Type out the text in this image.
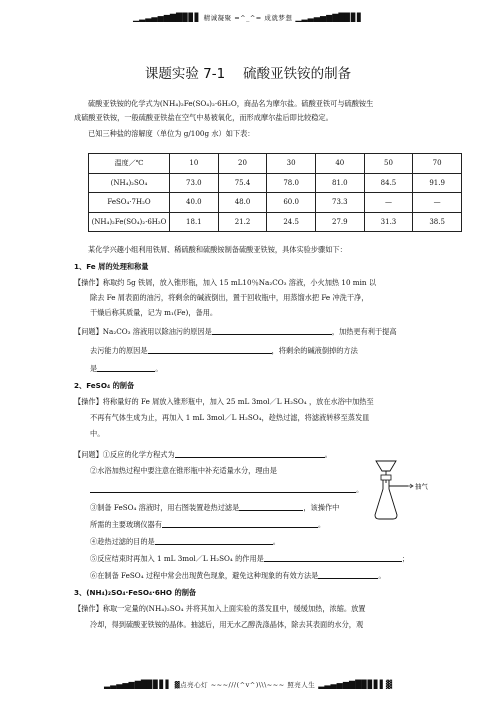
▁▂▃▄▅▆▇█▉▊▋ 精诚凝聚 =^_^= 成就梦想 ▁▂▃▄▅▆▇█▉▊▋
课题实验 7-1 硫酸亚铁铵的制备
硫酸亚铁铵的化学式为(NH₄)₂Fe(SO₄)₂·6H₂O，商品名为摩尔盐。硫酸亚铁可与硫酸铵生
成硫酸亚铁铵，一般硫酸亚铁盐在空气中易被氧化，而形成摩尔盐后即比较稳定。
已知三种盐的溶解度（单位为 g/100g 水）如下表：
温度／℃	10	20	30	40	50	70
(NH₄)₂SO₄	73.0	75.4	78.0	81.0	84.5	91.9
FeSO₄·7H₂O	40.0	48.0	60.0	73.3	—	—
(NH₄)₂Fe(SO₄)₂·6H₂O	18.1	21.2	24.5	27.9	31.3	38.5
某化学兴趣小组利用铁屑、稀硫酸和硫酸铵制备硫酸亚铁铵，具体实验步骤如下：
1、Fe 屑的处理和称量
【操作】称取约 5g 铁屑，放入锥形瓶，加入 15 mL10％Na₂CO₃ 溶液，小火加热 10 min 以
除去 Fe 屑表面的油污，将剩余的碱液倒出，置于回收瓶中，用蒸馏水把 Fe 冲洗干净，
干燥后称其质量，记为 m₁(Fe)，备用。
【问题】Na₂CO₃ 溶液用以除油污的原因是	，加热更有利于提高
去污能力的原因是	，将剩余的碱液倒掉的方法
是	。
2、FeSO₄ 的制备
【操作】将称量好的 Fe 屑放入锥形瓶中，加入 25 mL 3mol／L H₂SO₄ ，放在水浴中加热至
不再有气体生成为止，再加入 1 mL 3mol／L H₂SO₄，趁热过滤，将滤液转移至蒸发皿
中。
【问题】①反应的化学方程式为	。
②水浴加热过程中要注意在锥形瓶中补充适量水分，理由是
。
③制备 FeSO₄ 溶液时，用右图装置趁热过滤是	，该操作中
所需的主要玻璃仪器有	。
④趁热过滤的目的是	。
⑤反应结束时再加入 1 mL 3mol／L H₂SO₄ 的作用是	；
⑥在制备 FeSO₄ 过程中常会出现黄色现象，避免这种现象的有效方法是	。
抽气
3、(NH₄)₂SO₄·FeSO₄·6HO 的制备
【操作】称取一定量的(NH₄)₂SO₄ 并将其加入上面实验的蒸发皿中，缓缓加热，浓缩。放置
冷却，得到硫酸亚铁铵的晶体。抽滤后，用无水乙醇洗涤晶体，除去其表面的水分，观
▂▃▄▅▆▇█▉▊▋▌ ▓点亮心灯 ~~~///(^v^)\\\~~~ 照亮人生 ▂▃▄▅▆▇█▉▊▋▌▓
